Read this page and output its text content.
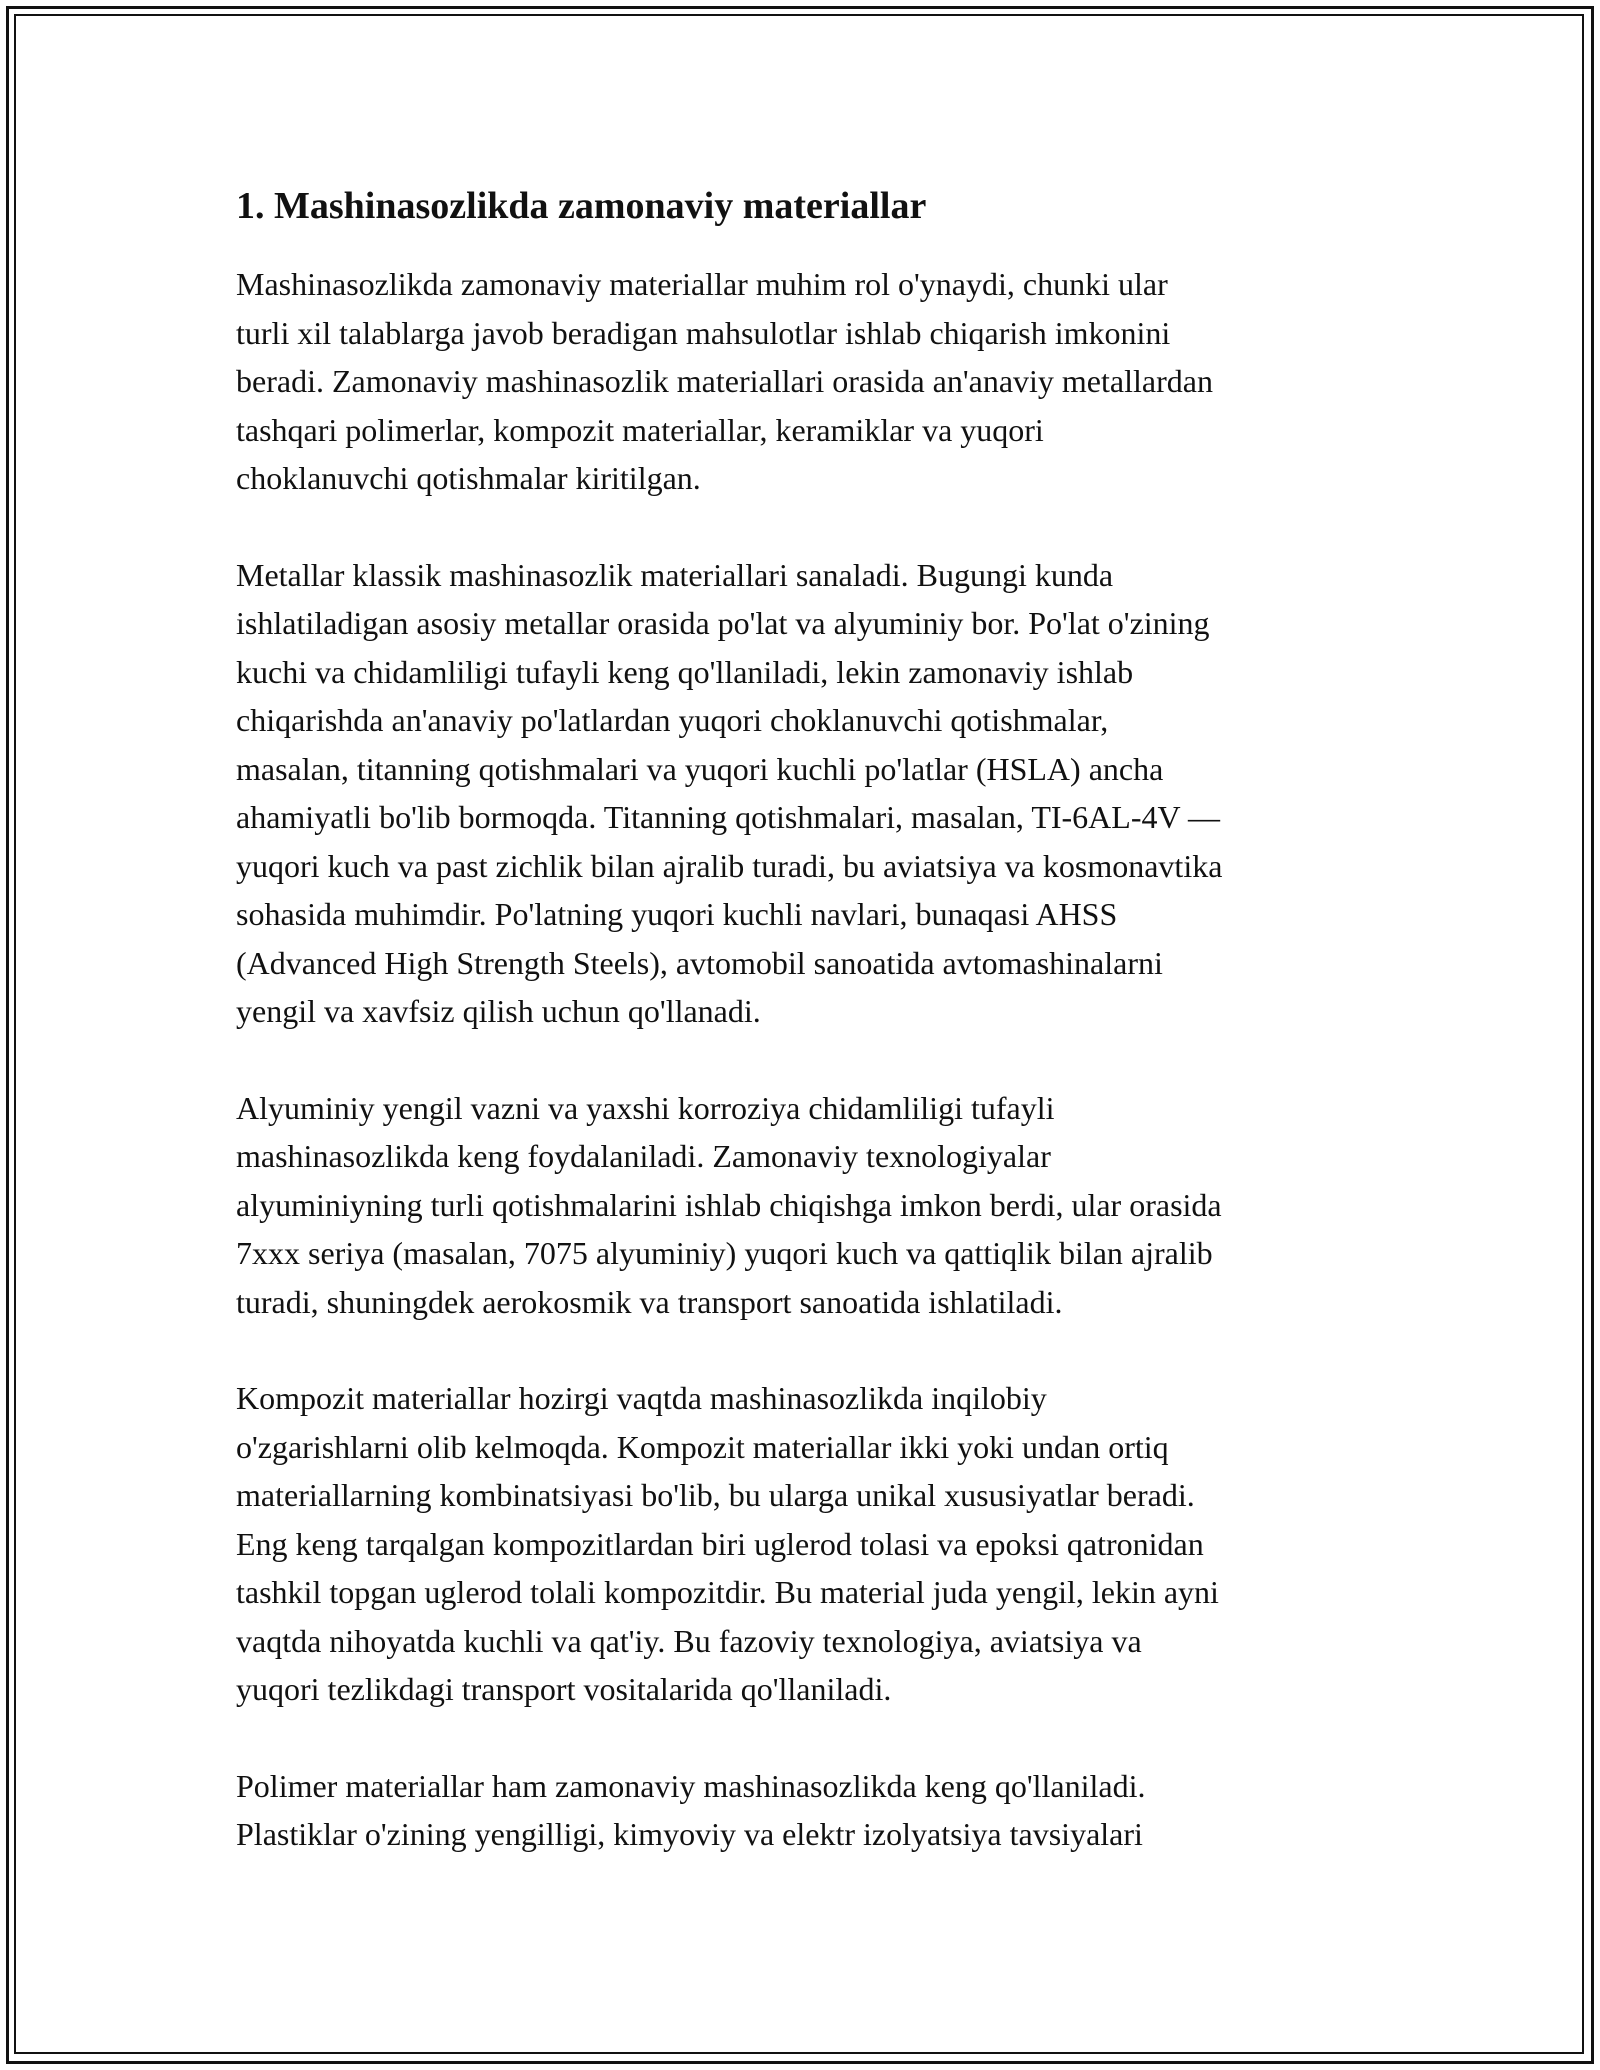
1. Mashinasozlikda zamonaviy materiallar

Mashinasozlikda zamonaviy materiallar muhim rol o'ynaydi, chunki ular
turli xil talablarga javob beradigan mahsulotlar ishlab chiqarish imkonini
beradi. Zamonaviy mashinasozlik materiallari orasida an'anaviy metallardan
tashqari polimerlar, kompozit materiallar, keramiklar va yuqori
choklanuvchi qotishmalar kiritilgan.

Metallar klassik mashinasozlik materiallari sanaladi. Bugungi kunda
ishlatiladigan asosiy metallar orasida po'lat va alyuminiy bor. Po'lat o'zining
kuchi va chidamliligi tufayli keng qo'llaniladi, lekin zamonaviy ishlab
chiqarishda an'anaviy po'latlardan yuqori choklanuvchi qotishmalar,
masalan, titanning qotishmalari va yuqori kuchli po'latlar (HSLA) ancha
ahamiyatli bo'lib bormoqda. Titanning qotishmalari, masalan, TI-6AL-4V —
yuqori kuch va past zichlik bilan ajralib turadi, bu aviatsiya va kosmonavtika
sohasida muhimdir. Po'latning yuqori kuchli navlari, bunaqasi AHSS
(Advanced High Strength Steels), avtomobil sanoatida avtomashinalarni
yengil va xavfsiz qilish uchun qo'llanadi.

Alyuminiy yengil vazni va yaxshi korroziya chidamliligi tufayli
mashinasozlikda keng foydalaniladi. Zamonaviy texnologiyalar
alyuminiyning turli qotishmalarini ishlab chiqishga imkon berdi, ular orasida
7xxx seriya (masalan, 7075 alyuminiy) yuqori kuch va qattiqlik bilan ajralib
turadi, shuningdek aerokosmik va transport sanoatida ishlatiladi.

Kompozit materiallar hozirgi vaqtda mashinasozlikda inqilobiy
o'zgarishlarni olib kelmoqda. Kompozit materiallar ikki yoki undan ortiq
materiallarning kombinatsiyasi bo'lib, bu ularga unikal xususiyatlar beradi.
Eng keng tarqalgan kompozitlardan biri uglerod tolasi va epoksi qatronidan
tashkil topgan uglerod tolali kompozitdir. Bu material juda yengil, lekin ayni
vaqtda nihoyatda kuchli va qat'iy. Bu fazoviy texnologiya, aviatsiya va
yuqori tezlikdagi transport vositalarida qo'llaniladi.

Polimer materiallar ham zamonaviy mashinasozlikda keng qo'llaniladi.
Plastiklar o'zining yengilligi, kimyoviy va elektr izolyatsiya tavsiyalari
